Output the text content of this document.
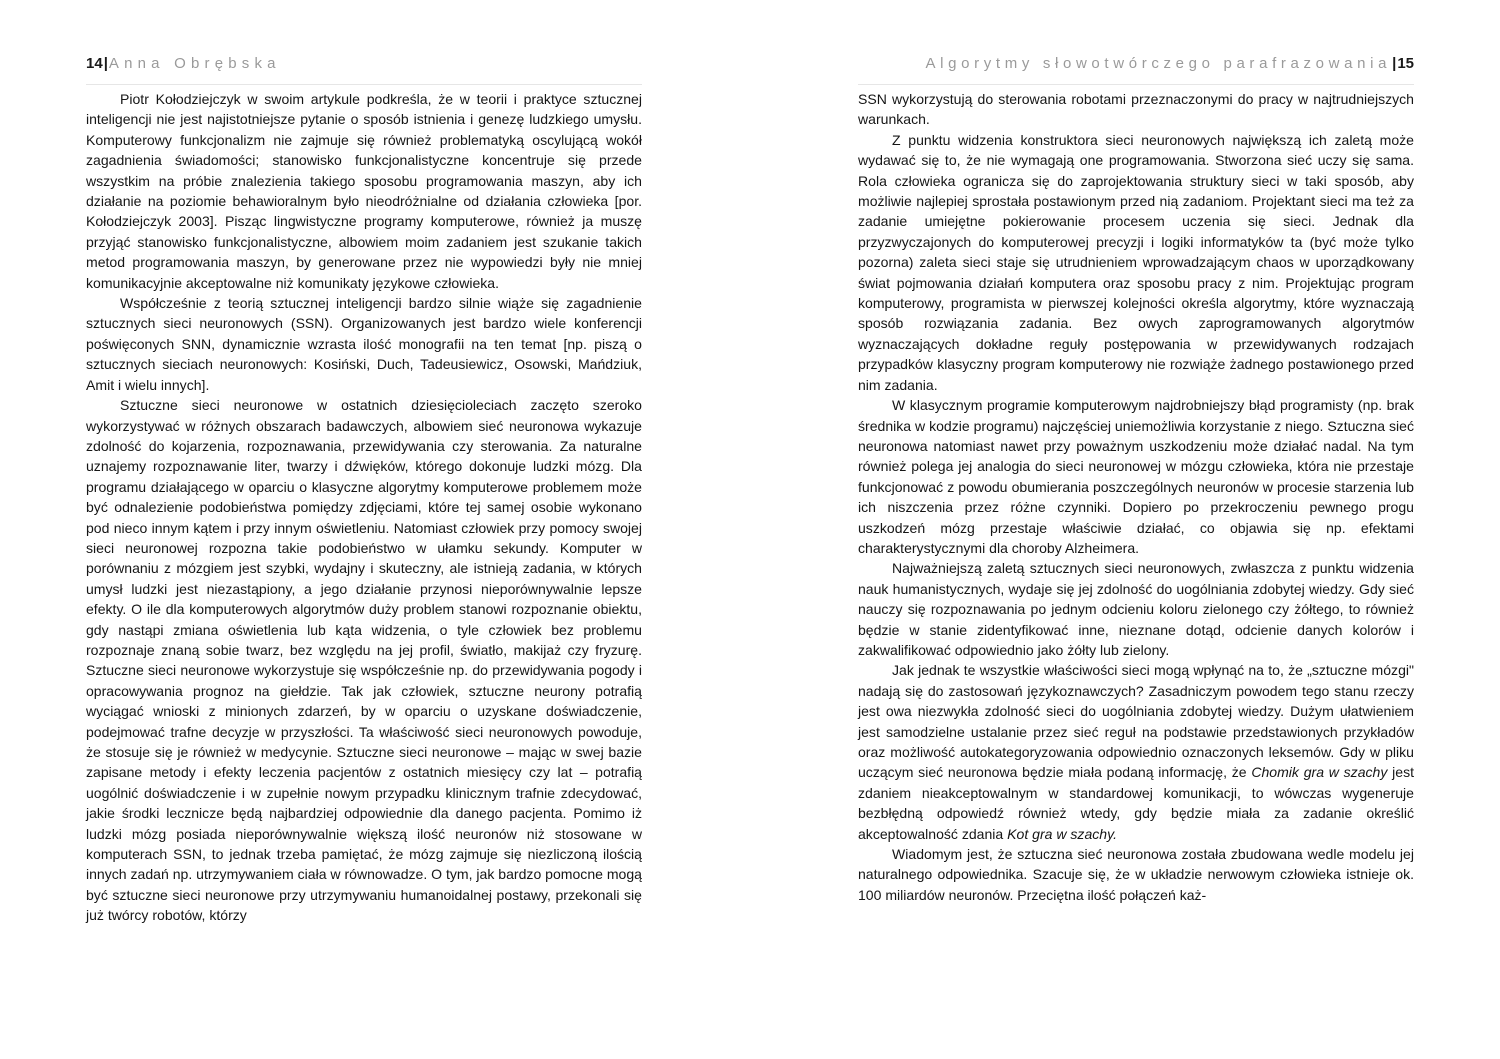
14|Anna Obrębska

Piotr Kołodziejczyk w swoim artykule podkreśla, że w teorii i praktyce sztucznej inteligencji nie jest najistotniejsze pytanie o sposób istnienia i genezę ludzkiego umysłu. Komputerowy funkcjonalizm nie zajmuje się również problematyką oscylującą wokół zagadnienia świadomości; stanowisko funkcjonalistyczne koncentruje się przede wszystkim na próbie znalezienia takiego sposobu programowania maszyn, aby ich działanie na poziomie behawioralnym było nieodróżnialne od działania człowieka [por. Kołodziejczyk 2003]. Pisząc lingwistyczne programy komputerowe, również ja muszę przyjąć stanowisko funkcjonalistyczne, albowiem moim zadaniem jest szukanie takich metod programowania maszyn, by generowane przez nie wypowiedzi były nie mniej komunikacyjnie akceptowalne niż komunikaty językowe człowieka.

Współcześnie z teorią sztucznej inteligencji bardzo silnie wiąże się zagadnienie sztucznych sieci neuronowych (SSN). Organizowanych jest bardzo wiele konferencji poświęconych SNN, dynamicznie wzrasta ilość monografii na ten temat [np. piszą o sztucznych sieciach neuronowych: Kosiński, Duch, Tadeusiewicz, Osowski, Mańdziuk, Amit i wielu innych].

Sztuczne sieci neuronowe w ostatnich dziesięcioleciach zaczęto szeroko wykorzystywać w różnych obszarach badawczych, albowiem sieć neuronowa wykazuje zdolność do kojarzenia, rozpoznawania, przewidywania czy sterowania. Za naturalne uznajemy rozpoznawanie liter, twarzy i dźwięków, którego dokonuje ludzki mózg. Dla programu działającego w oparciu o klasyczne algorytmy komputerowe problemem może być odnalezienie podobieństwa pomiędzy zdjęciami, które tej samej osobie wykonano pod nieco innym kątem i przy innym oświetleniu. Natomiast człowiek przy pomocy swojej sieci neuronowej rozpozna takie podobieństwo w ułamku sekundy. Komputer w porównaniu z mózgiem jest szybki, wydajny i skuteczny, ale istnieją zadania, w których umysł ludzki jest niezastąpiony, a jego działanie przynosi nieporównywalnie lepsze efekty. O ile dla komputerowych algorytmów duży problem stanowi rozpoznanie obiektu, gdy nastąpi zmiana oświetlenia lub kąta widzenia, o tyle człowiek bez problemu rozpoznaje znaną sobie twarz, bez względu na jej profil, światło, makijaż czy fryzurę. Sztuczne sieci neuronowe wykorzystuje się współcześnie np. do przewidywania pogody i opracowywania prognoz na giełdzie. Tak jak człowiek, sztuczne neurony potrafią wyciągać wnioski z minionych zdarzeń, by w oparciu o uzyskane doświadczenie, podejmować trafne decyzje w przyszłości. Ta właściwość sieci neuronowych powoduje, że stosuje się je również w medycynie. Sztuczne sieci neuronowe – mając w swej bazie zapisane metody i efekty leczenia pacjentów z ostatnich miesięcy czy lat – potrafią uogólnić doświadczenie i w zupełnie nowym przypadku klinicznym trafnie zdecydować, jakie środki lecznicze będą najbardziej odpowiednie dla danego pacjenta. Pomimo iż ludzki mózg posiada nieporównywalnie większą ilość neuronów niż stosowane w komputerach SSN, to jednak trzeba pamiętać, że mózg zajmuje się niezliczoną ilością innych zadań np. utrzymywaniem ciała w równowadze. O tym, jak bardzo pomocne mogą być sztuczne sieci neuronowe przy utrzymywaniu humanoidalnej postawy, przekonali się już twórcy robotów, którzy

Algorytmy słowotwórczego parafrazowania|15

SSN wykorzystują do sterowania robotami przeznaczonymi do pracy w najtrudniejszych warunkach.

Z punktu widzenia konstruktora sieci neuronowych największą ich zaletą może wydawać się to, że nie wymagają one programowania. Stworzona sieć uczy się sama. Rola człowieka ogranicza się do zaprojektowania struktury sieci w taki sposób, aby możliwie najlepiej sprostała postawionym przed nią zadaniom. Projektant sieci ma też za zadanie umiejętne pokierowanie procesem uczenia się sieci. Jednak dla przyzwyczajonych do komputerowej precyzji i logiki informatyków ta (być może tylko pozorna) zaleta sieci staje się utrudnieniem wprowadzającym chaos w uporządkowany świat pojmowania działań komputera oraz sposobu pracy z nim. Projektując program komputerowy, programista w pierwszej kolejności określa algorytmy, które wyznaczają sposób rozwiązania zadania. Bez owych zaprogramowanych algorytmów wyznaczających dokładne reguły postępowania w przewidywanych rodzajach przypadków klasyczny program komputerowy nie rozwiąże żadnego postawionego przed nim zadania.

W klasycznym programie komputerowym najdrobniejszy błąd programisty (np. brak średnika w kodzie programu) najczęściej uniemożliwia korzystanie z niego. Sztuczna sieć neuronowa natomiast nawet przy poważnym uszkodzeniu może działać nadal. Na tym również polega jej analogia do sieci neuronowej w mózgu człowieka, która nie przestaje funkcjonować z powodu obumierania poszczególnych neuronów w procesie starzenia lub ich niszczenia przez różne czynniki. Dopiero po przekroczeniu pewnego progu uszkodzeń mózg przestaje właściwie działać, co objawia się np. efektami charakterystycznymi dla choroby Alzheimera.

Najważniejszą zaletą sztucznych sieci neuronowych, zwłaszcza z punktu widzenia nauk humanistycznych, wydaje się jej zdolność do uogólniania zdobytej wiedzy. Gdy sieć nauczy się rozpoznawania po jednym odcieniu koloru zielonego czy żółtego, to również będzie w stanie zidentyfikować inne, nieznane dotąd, odcienie danych kolorów i zakwalifikować odpowiednio jako żółty lub zielony.

Jak jednak te wszystkie właściwości sieci mogą wpłynąć na to, że „sztuczne mózgi" nadają się do zastosowań językoznawczych? Zasadniczym powodem tego stanu rzeczy jest owa niezwykła zdolność sieci do uogólniania zdobytej wiedzy. Dużym ułatwieniem jest samodzielne ustalanie przez sieć reguł na podstawie przedstawionych przykładów oraz możliwość autokategoryzowania odpowiednio oznaczonych leksemów. Gdy w pliku uczącym sieć neuronowa będzie miała podaną informację, że Chomik gra w szachy jest zdaniem nieakceptowalnym w standardowej komunikacji, to wówczas wygeneruje bezbłędną odpowiedź również wtedy, gdy będzie miała za zadanie określić akceptowalność zdania Kot gra w szachy.

Wiadomym jest, że sztuczna sieć neuronowa została zbudowana wedle modelu jej naturalnego odpowiednika. Szacuje się, że w układzie nerwowym człowieka istnieje ok. 100 miliardów neuronów. Przeciętna ilość połączeń każ-
